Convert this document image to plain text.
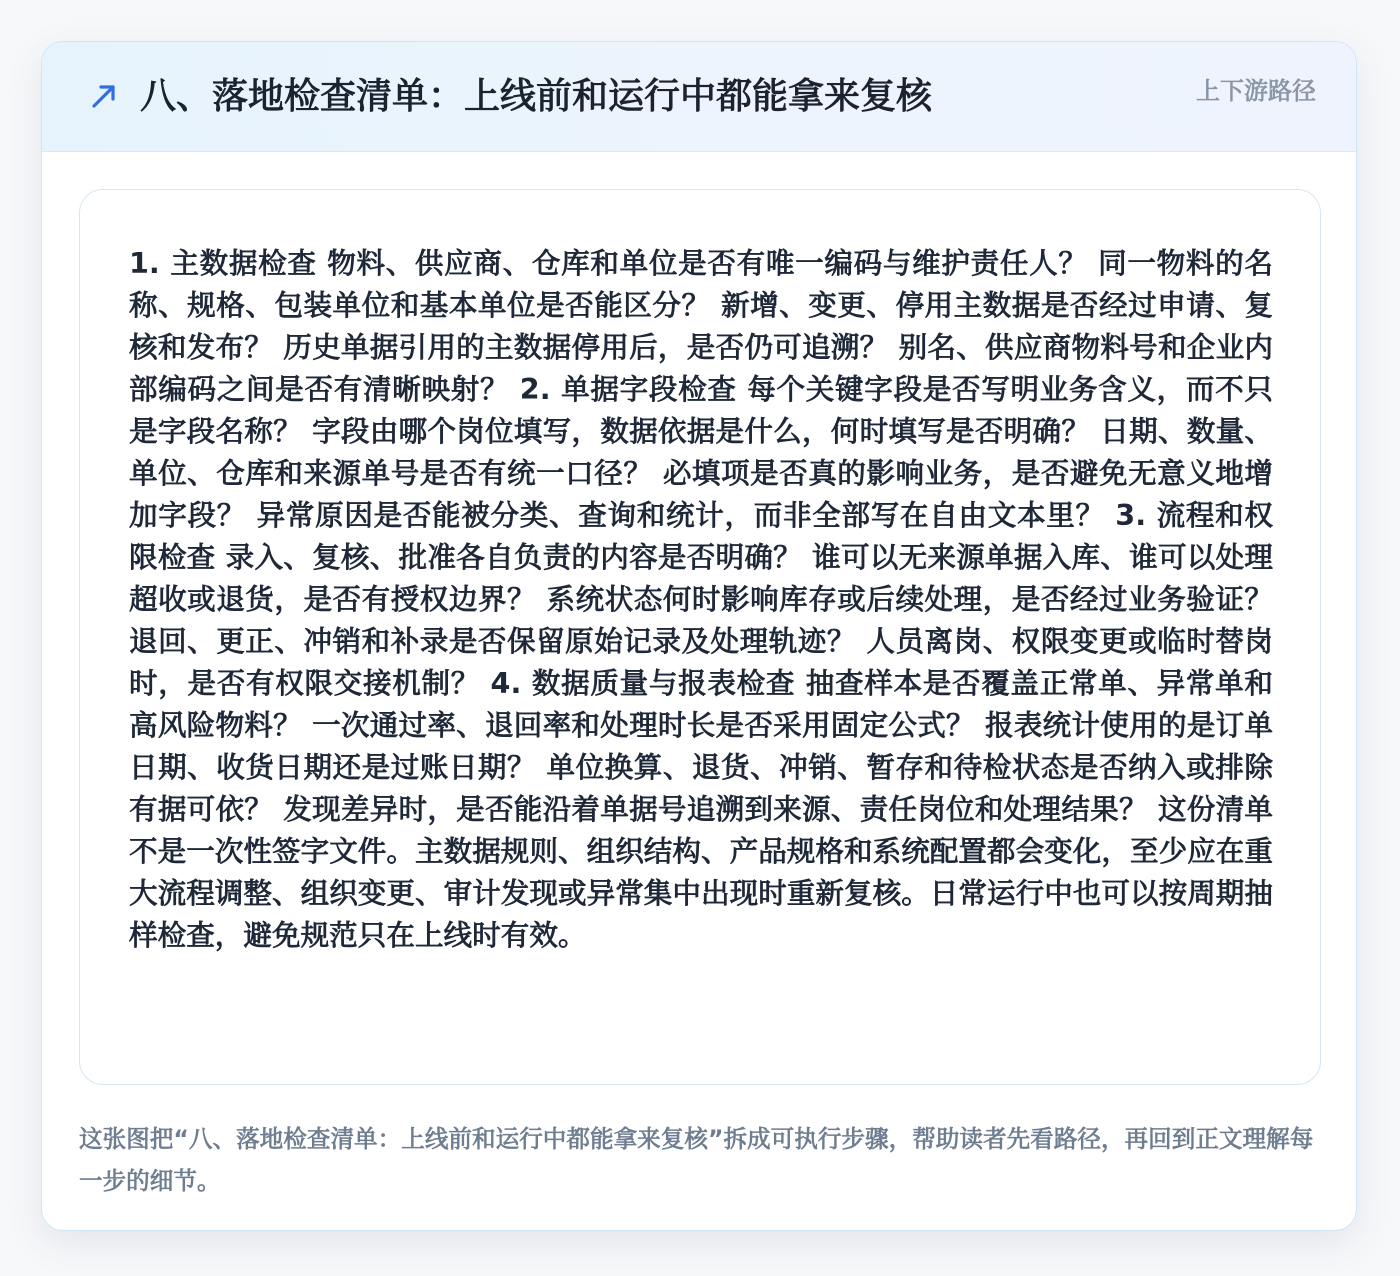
八、落地检查清单：上线前和运行中都能拿来复核	上下游路径

1. 主数据检查 物料、供应商、仓库和单位是否有唯一编码与维护责任人？ 同一物料的名称、规格、包装单位和基本单位是否能区分？ 新增、变更、停用主数据是否经过申请、复核和发布？ 历史单据引用的主数据停用后，是否仍可追溯？ 别名、供应商物料号和企业内部编码之间是否有清晰映射？ 2. 单据字段检查 每个关键字段是否写明业务含义，而不只是字段名称？ 字段由哪个岗位填写，数据依据是什么，何时填写是否明确？ 日期、数量、单位、仓库和来源单号是否有统一口径？ 必填项是否真的影响业务，是否避免无意义地增加字段？ 异常原因是否能被分类、查询和统计，而非全部写在自由文本里？ 3. 流程和权限检查 录入、复核、批准各自负责的内容是否明确？ 谁可以无来源单据入库、谁可以处理超收或退货，是否有授权边界？ 系统状态何时影响库存或后续处理，是否经过业务验证？ 退回、更正、冲销和补录是否保留原始记录及处理轨迹？ 人员离岗、权限变更或临时替岗时，是否有权限交接机制？ 4. 数据质量与报表检查 抽查样本是否覆盖正常单、异常单和高风险物料？ 一次通过率、退回率和处理时长是否采用固定公式？ 报表统计使用的是订单日期、收货日期还是过账日期？ 单位换算、退货、冲销、暂存和待检状态是否纳入或排除有据可依？ 发现差异时，是否能沿着单据号追溯到来源、责任岗位和处理结果？ 这份清单不是一次性签字文件。主数据规则、组织结构、产品规格和系统配置都会变化，至少应在重大流程调整、组织变更、审计发现或异常集中出现时重新复核。日常运行中也可以按周期抽样检查，避免规范只在上线时有效。

这张图把“八、落地检查清单：上线前和运行中都能拿来复核”拆成可执行步骤，帮助读者先看路径，再回到正文理解每一步的细节。
